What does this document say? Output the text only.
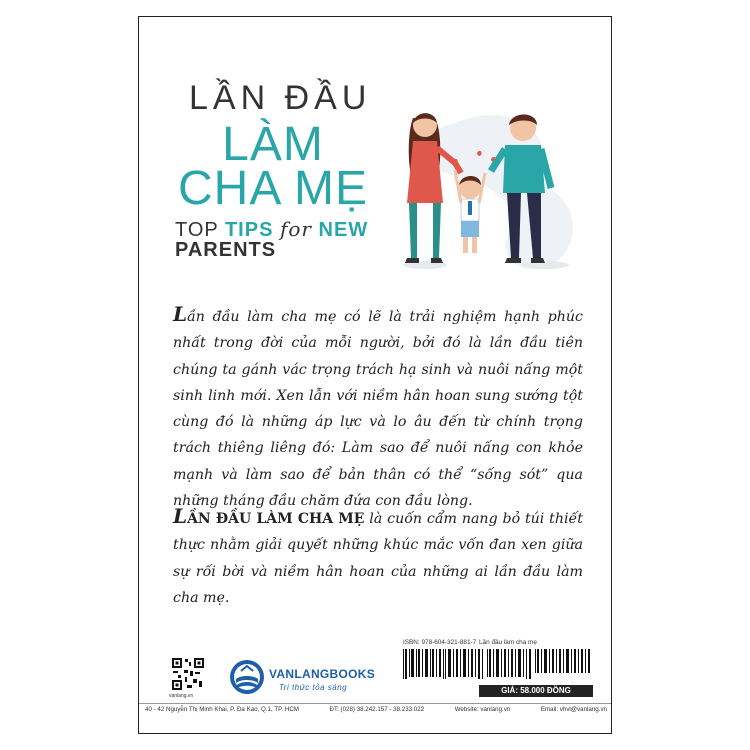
LẦN ĐẦU
LÀM
CHA MẸ
TOP TIPS for NEW
PARENTS
Lần đầu làm cha mẹ có lẽ là trải nghiệm hạnh phúc nhất trong đời của mỗi người, bởi đó là lần đầu tiên chúng ta gánh vác trọng trách hạ sinh và nuôi nấng một sinh linh mới. Xen lẫn với niềm hân hoan sung sướng tột cùng đó là những áp lực và lo âu đến từ chính trọng trách thiêng liêng đó: Làm sao để nuôi nấng con khỏe mạnh và làm sao để bản thân có thể “sống sót” qua những tháng đầu chăm đứa con đầu lòng.
LẦN ĐẦU LÀM CHA MẸ là cuốn cẩm nang bỏ túi thiết thực nhằm giải quyết những khúc mắc vốn đan xen giữa sự rối bời và niềm hân hoan của những ai lần đầu làm cha mẹ.
vanlang.vn
VANLANGBOOKS
Tri thức tỏa sáng
ISBN: 978-604-321-881-7 Lần đầu làm cha mẹ
GIÁ: 58.000 ĐỒNG
40 - 42 Nguyễn Thị Minh Khai, P. Đa Kao, Q.1, TP. HCM	ĐT: (028) 38.242.157 - 38.233.022	Website: vanlang.vn	Email: vhvl@vanlang.vn
